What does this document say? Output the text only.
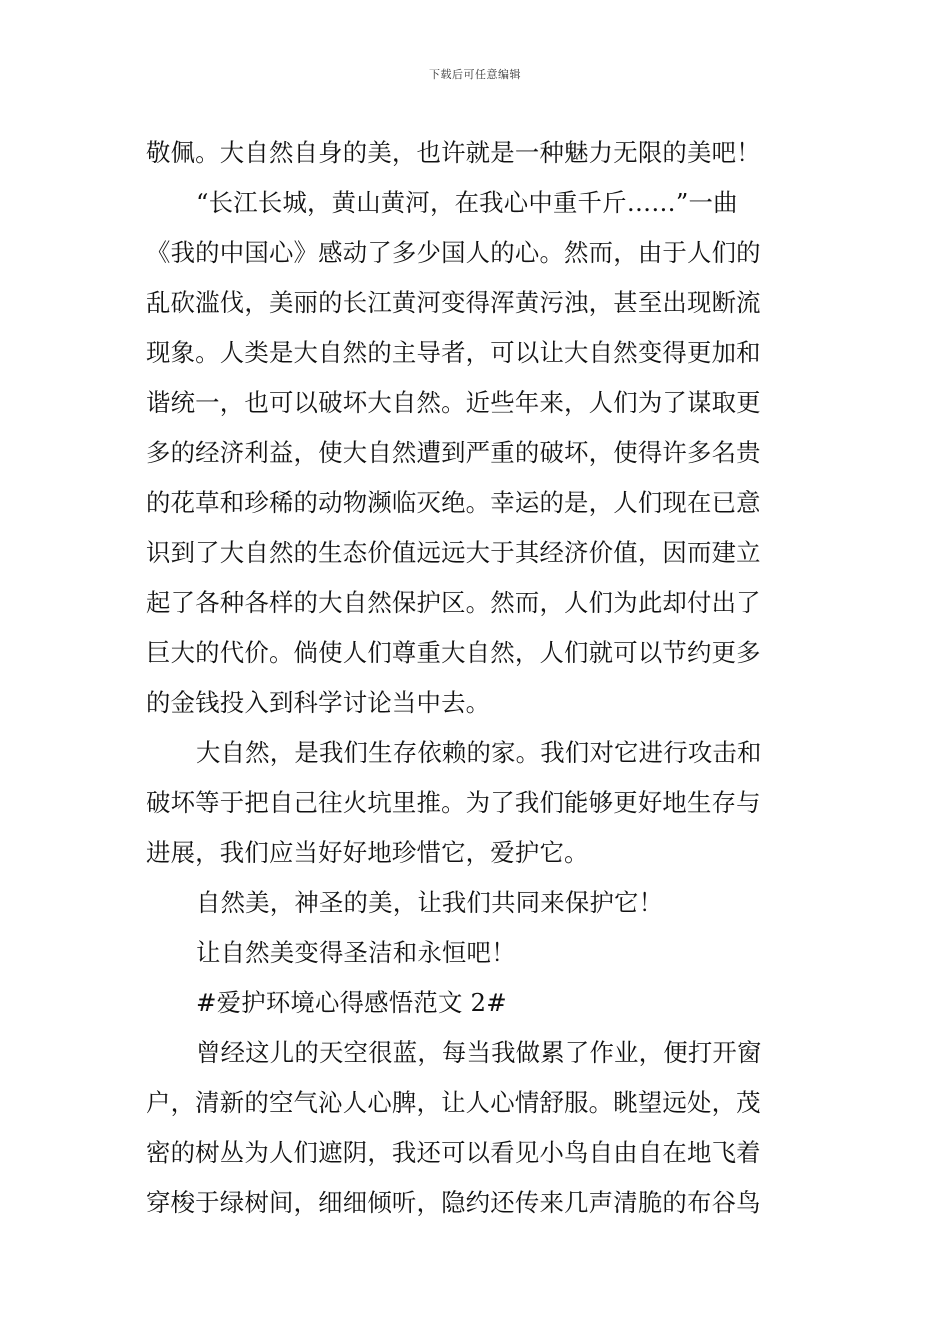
下载后可任意编辑
敬佩。大自然自身的美，也许就是一种魅力无限的美吧！
“长江长城，黄山黄河，在我心中重千斤……”一曲
《我的中国心》感动了多少国人的心。然而，由于人们的
乱砍滥伐，美丽的长江黄河变得浑黄污浊，甚至出现断流
现象。人类是大自然的主导者，可以让大自然变得更加和
谐统一，也可以破坏大自然。近些年来，人们为了谋取更
多的经济利益，使大自然遭到严重的破坏，使得许多名贵
的花草和珍稀的动物濒临灭绝。幸运的是，人们现在已意
识到了大自然的生态价值远远大于其经济价值，因而建立
起了各种各样的大自然保护区。然而，人们为此却付出了
巨大的代价。倘使人们尊重大自然，人们就可以节约更多
的金钱投入到科学讨论当中去。
大自然，是我们生存依赖的家。我们对它进行攻击和
破坏等于把自己往火坑里推。为了我们能够更好地生存与
进展，我们应当好好地珍惜它，爱护它。
自然美，神圣的美，让我们共同来保护它！
让自然美变得圣洁和永恒吧！
#爱护环境心得感悟范文 2#
曾经这儿的天空很蓝，每当我做累了作业，便打开窗
户，清新的空气沁人心脾，让人心情舒服。眺望远处，茂
密的树丛为人们遮阴，我还可以看见小鸟自由自在地飞着
穿梭于绿树间，细细倾听，隐约还传来几声清脆的布谷鸟
